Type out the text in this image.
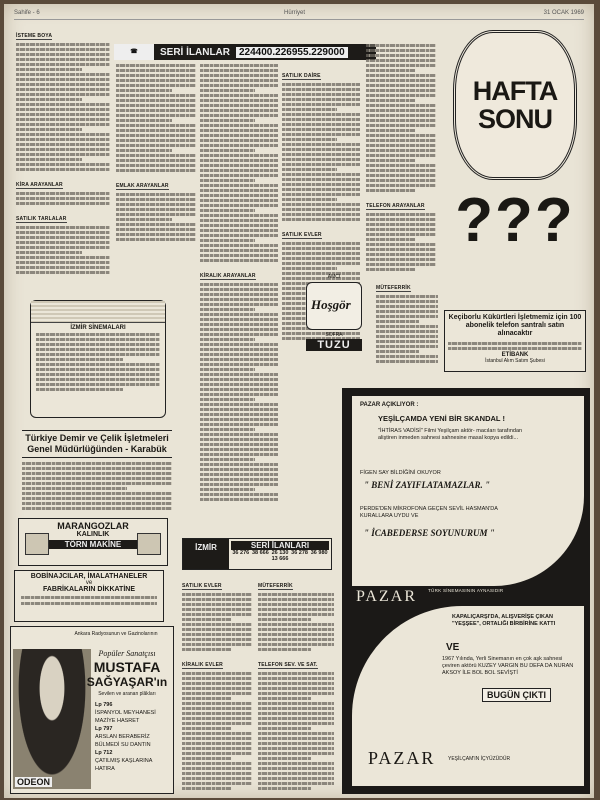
Sahife - 6	Hürriyet	31 OCAK 1969
İSTEME BOYA
KİRA ARAYANLAR
SATILIK TARLALAR
☎	SERİ İLANLAR 224400.226955.229000
EMLAK ARAYANLAR
KİRALIK ARAYANLAR
SATILIK DAİRE
SATILIK EVLER
TELEFON ARAYANLAR
AMCI
Hoşgör
SOFRA
TUZU
MÜTEFERRİK
HAFTA
SONU
???
Keçiborlu Kükürtleri İşletmemiz için 100 abonelik telefon santralı satın alınacaktır
ETİBANK
İstanbul Alım Satım Şubesi
İZMİR SİNEMALARI
Türkiye Demir ve Çelik İşletmeleri Genel Müdürlüğünden - Karabük
MARANGOZLAR
KALINLIK
TÖRN MAKİNE
BOBİNAJCILAR, İMALATHANELER
ve
FABRİKALARIN DİKKATİNE
Ankara Radyosunun ve Gazinolarının
Popüler Sanatçısı
MUSTAFA
SAĞYAŞAR'ın
Sevilen ve aranan plâkları
Lp 796
İSPANYOL MEYHANESİ
MAZİYE HASRET
Lp 797
ARSLAN BERABERİZ
BÜLMEDİ SU DANTIN
Lp 712
ÇATILMIŞ KAŞLARINA
HATIRA
ODEON
İZMİR	SERİ İLANLARI
36 276 38 666 26 130 36 278 36 980
13 666
SATILIK EVLER
KİRALIK EVLER
MÜTEFERRİK
TELEFON SEV. VE SAT.
PAZAR AÇIKLIYOR :
YEŞİLÇAMDA YENİ BİR SKANDAL !
"İHTİRAS VADİSİ" Filmi Yeşilçam aktör- macıları tarafından aliştiren inmeden sahnesi sahnesine masal kopya edildi...
FİGEN SAY BİLDİĞİNİ OKUYOR
" BENİ ZAYIFLATAMAZLAR. "
PERDE'DEN MİKROFONA GEÇEN SEVİL HASMAN'DA KURALLARA UYDU VE
" İCABEDERSE SOYUNURUM "
PAZAR TÜRK SİNEMASININ AYNASIDIR
KAPALIÇARŞI'DA, ALIŞVERİŞE ÇIKAN "YEŞŞEE", ORTALIĞI BİRBİRİNE KATTI
VE
1967 Yılında, Yerli Sinemanın en çok aşk sahnesi çeviren aktörü KUZEY VARGIN BU DEFA DA NURAN AKSOY İLE BOL BOL SEVİŞTİ
BUGÜN ÇIKTI
PAZAR	YEŞİLÇAM'IN İÇYÜZÜDÜR
